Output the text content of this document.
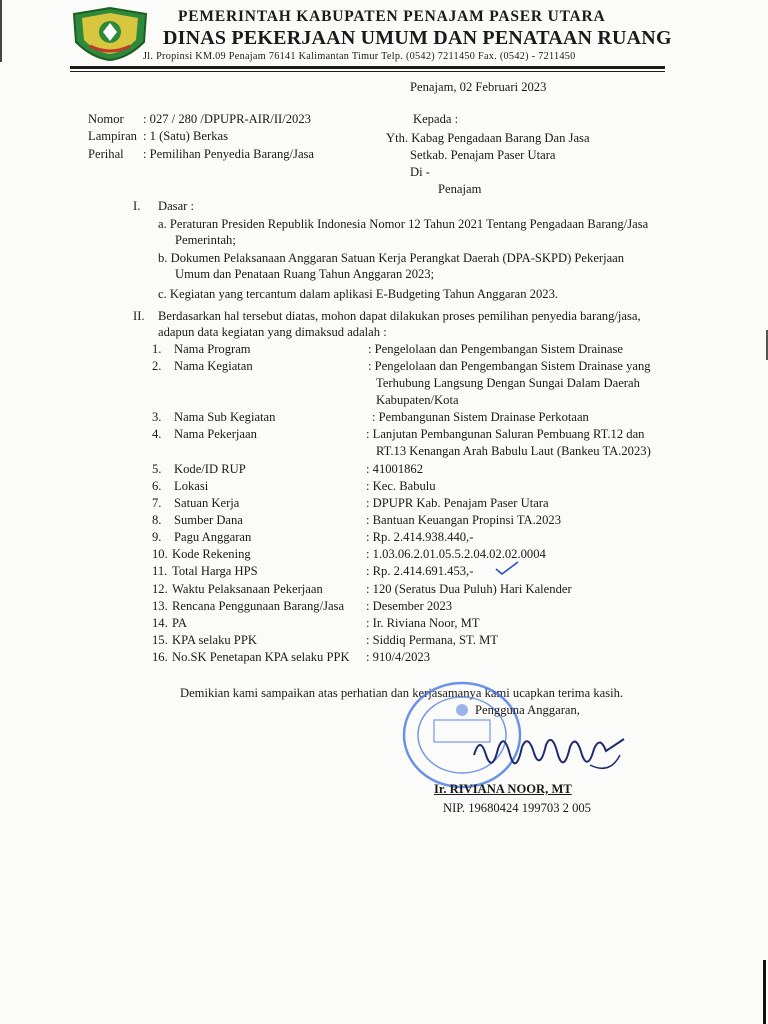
PEMERINTAH KABUPATEN PENAJAM PASER UTARA
DINAS PEKERJAAN UMUM DAN PENATAAN RUANG
Jl. Propinsi KM.09 Penajam 76141 Kalimantan Timur Telp. (0542) 7211450 Fax. (0542) - 7211450
Penajam, 02 Februari 2023
Nomor : 027 / 280 /DPUPR-AIR/II/2023
Lampiran : 1 (Satu) Berkas
Perihal : Pemilihan Penyedia Barang/Jasa
Kepada :
Yth. Kabag Pengadaan Barang Dan Jasa
Setkab. Penajam Paser Utara
Di -
Penajam
I. Dasar :
a. Peraturan Presiden Republik Indonesia Nomor 12 Tahun 2021 Tentang Pengadaan Barang/Jasa
Pemerintah;
b. Dokumen Pelaksanaan Anggaran Satuan Kerja Perangkat Daerah (DPA-SKPD) Pekerjaan
Umum dan Penataan Ruang Tahun Anggaran 2023;
c. Kegiatan yang tercantum dalam aplikasi E-Budgeting Tahun Anggaran 2023.
II. Berdasarkan hal tersebut diatas, mohon dapat dilakukan proses pemilihan penyedia barang/jasa,
adapun data kegiatan yang dimaksud adalah :
1. Nama Program	: Pengelolaan dan Pengembangan Sistem Drainase
2. Nama Kegiatan	: Pengelolaan dan Pengembangan Sistem Drainase yang
Terhubung Langsung Dengan Sungai Dalam Daerah
Kabupaten/Kota
3. Nama Sub Kegiatan	: Pembangunan Sistem Drainase Perkotaan
4. Nama Pekerjaan	: Lanjutan Pembangunan Saluran Pembuang RT.12 dan
RT.13 Kenangan Arah Babulu Laut (Bankeu TA.2023)
5. Kode/ID RUP	: 41001862
6. Lokasi	: Kec. Babulu
7. Satuan Kerja	: DPUPR Kab. Penajam Paser Utara
8. Sumber Dana	: Bantuan Keuangan Propinsi TA.2023
9. Pagu Anggaran	: Rp. 2.414.938.440,-
10. Kode Rekening	: 1.03.06.2.01.05.5.2.04.02.02.0004
11. Total Harga HPS	: Rp. 2.414.691.453,-
12. Waktu Pelaksanaan Pekerjaan	: 120 (Seratus Dua Puluh) Hari Kalender
13. Rencana Penggunaan Barang/Jasa : Desember 2023
14. PA	: Ir. Riviana Noor, MT
15. KPA selaku PPK	: Siddiq Permana, ST. MT
16. No.SK Penetapan KPA selaku PPK : 910/4/2023
Demikian kami sampaikan atas perhatian dan kerjasamanya kami ucapkan terima kasih.
Pengguna Anggaran,
Ir. RIVIANA NOOR, MT
NIP. 19680424 199703 2 005
